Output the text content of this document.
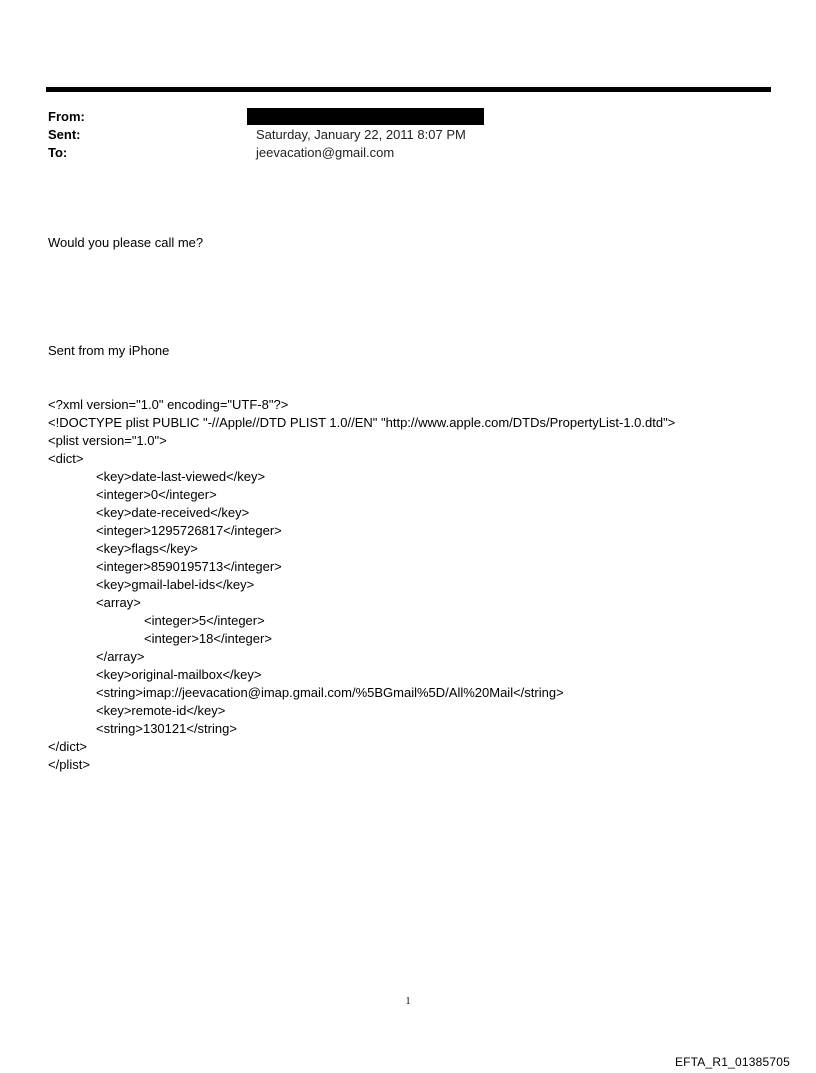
From:
Sent:	Saturday, January 22, 2011 8:07 PM
To:	jeevacation@gmail.com

Would you please call me?

Sent from my iPhone

<?xml version="1.0" encoding="UTF-8"?>
<!DOCTYPE plist PUBLIC "-//Apple//DTD PLIST 1.0//EN" "http://www.apple.com/DTDs/PropertyList-1.0.dtd">
<plist version="1.0">
<dict>
<key>date-last-viewed</key>
<integer>0</integer>
<key>date-received</key>
<integer>1295726817</integer>
<key>flags</key>
<integer>8590195713</integer>
<key>gmail-label-ids</key>
<array>
<integer>5</integer>
<integer>18</integer>
</array>
<key>original-mailbox</key>
<string>imap://jeevacation@imap.gmail.com/%5BGmail%5D/All%20Mail</string>
<key>remote-id</key>
<string>130121</string>
</dict>
</plist>

1
EFTA_R1_01385705
